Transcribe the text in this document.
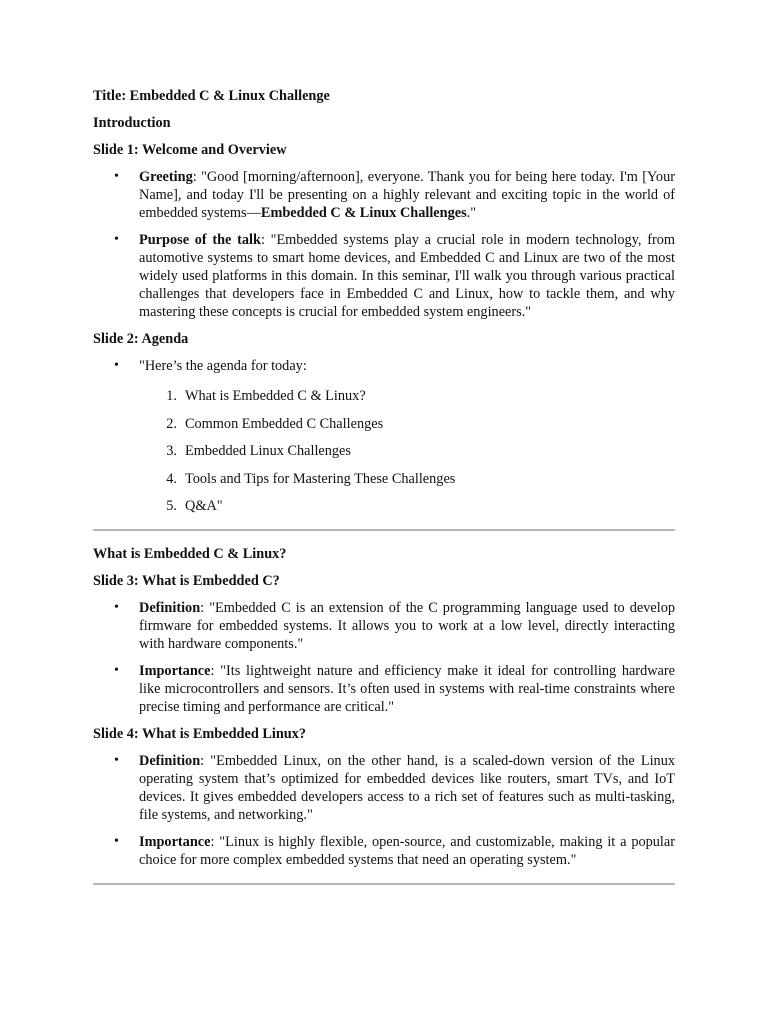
Title: Embedded C & Linux Challenge

Introduction

Slide 1: Welcome and Overview

• Greeting: "Good [morning/afternoon], everyone. Thank you for being here today. I'm [Your Name], and today I'll be presenting on a highly relevant and exciting topic in the world of embedded systems—Embedded C & Linux Challenges."
• Purpose of the talk: "Embedded systems play a crucial role in modern technology, from automotive systems to smart home devices, and Embedded C and Linux are two of the most widely used platforms in this domain. In this seminar, I'll walk you through various practical challenges that developers face in Embedded C and Linux, how to tackle them, and why mastering these concepts is crucial for embedded system engineers."

Slide 2: Agenda

• "Here’s the agenda for today:
1. What is Embedded C & Linux?
2. Common Embedded C Challenges
3. Embedded Linux Challenges
4. Tools and Tips for Mastering These Challenges
5. Q&A"

What is Embedded C & Linux?

Slide 3: What is Embedded C?

• Definition: "Embedded C is an extension of the C programming language used to develop firmware for embedded systems. It allows you to work at a low level, directly interacting with hardware components."
• Importance: "Its lightweight nature and efficiency make it ideal for controlling hardware like microcontrollers and sensors. It’s often used in systems with real-time constraints where precise timing and performance are critical."

Slide 4: What is Embedded Linux?

• Definition: "Embedded Linux, on the other hand, is a scaled-down version of the Linux operating system that’s optimized for embedded devices like routers, smart TVs, and IoT devices. It gives embedded developers access to a rich set of features such as multi-tasking, file systems, and networking."
• Importance: "Linux is highly flexible, open-source, and customizable, making it a popular choice for more complex embedded systems that need an operating system."
